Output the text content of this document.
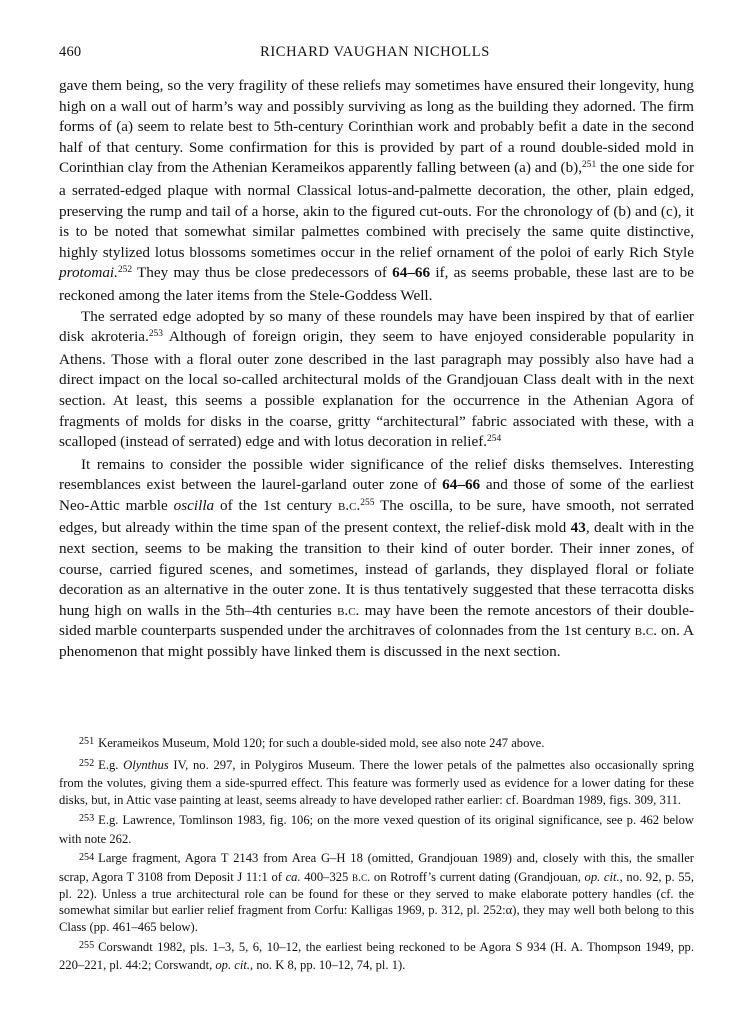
460	RICHARD VAUGHAN NICHOLLS

gave them being, so the very fragility of these reliefs may sometimes have ensured their longevity, hung high on a wall out of harm’s way and possibly surviving as long as the building they adorned. The firm forms of (a) seem to relate best to 5th-century Corinthian work and probably befit a date in the second half of that century. Some confirmation for this is provided by part of a round double-sided mold in Corinthian clay from the Athenian Kerameikos apparently falling between (a) and (b),$^{251}$ the one side for a serrated-edged plaque with normal Classical lotus-and-palmette decoration, the other, plain edged, preserving the rump and tail of a horse, akin to the figured cut-outs. For the chronology of (b) and (c), it is to be noted that somewhat similar palmettes combined with precisely the same quite distinctive, highly stylized lotus blossoms sometimes occur in the relief ornament of the poloi of early Rich Style protomai.$^{252}$ They may thus be close predecessors of 64–66 if, as seems probable, these last are to be reckoned among the later items from the Stele-Goddess Well.

The serrated edge adopted by so many of these roundels may have been inspired by that of earlier disk akroteria.$^{253}$ Although of foreign origin, they seem to have enjoyed considerable popularity in Athens. Those with a floral outer zone described in the last paragraph may possibly also have had a direct impact on the local so-called architectural molds of the Grandjouan Class dealt with in the next section. At least, this seems a possible explanation for the occurrence in the Athenian Agora of fragments of molds for disks in the coarse, gritty “architectural” fabric associated with these, with a scalloped (instead of serrated) edge and with lotus decoration in relief.$^{254}$

It remains to consider the possible wider significance of the relief disks themselves. Interesting resemblances exist between the laurel-garland outer zone of 64–66 and those of some of the earliest Neo-Attic marble oscilla of the 1st century b.c.$^{255}$ The oscilla, to be sure, have smooth, not serrated edges, but already within the time span of the present context, the relief-disk mold 43, dealt with in the next section, seems to be making the transition to their kind of outer border. Their inner zones, of course, carried figured scenes, and sometimes, instead of garlands, they displayed floral or foliate decoration as an alternative in the outer zone. It is thus tentatively suggested that these terracotta disks hung high on walls in the 5th–4th centuries b.c. may have been the remote ancestors of their double-sided marble counterparts suspended under the architraves of colonnades from the 1st century b.c. on. A phenomenon that might possibly have linked them is discussed in the next section.

$^{251}$ Kerameikos Museum, Mold 120; for such a double-sided mold, see also note 247 above.

$^{252}$ E.g. Olynthus IV, no. 297, in Polygiros Museum. There the lower petals of the palmettes also occasionally spring from the volutes, giving them a side-spurred effect. This feature was formerly used as evidence for a lower dating for these disks, but, in Attic vase painting at least, seems already to have developed rather earlier: cf. Boardman 1989, figs. 309, 311.

$^{253}$ E.g. Lawrence, Tomlinson 1983, fig. 106; on the more vexed question of its original significance, see p. 462 below with note 262.

$^{254}$ Large fragment, Agora T 2143 from Area G–H 18 (omitted, Grandjouan 1989) and, closely with this, the smaller scrap, Agora T 3108 from Deposit J 11:1 of ca. 400–325 b.c. on Rotroff’s current dating (Grandjouan, op. cit., no. 92, p. 55, pl. 22). Unless a true architectural role can be found for these or they served to make elaborate pottery handles (cf. the somewhat similar but earlier relief fragment from Corfu: Kalligas 1969, p. 312, pl. 252:α), they may well both belong to this Class (pp. 461–465 below).

$^{255}$ Corswandt 1982, pls. 1–3, 5, 6, 10–12, the earliest being reckoned to be Agora S 934 (H. A. Thompson 1949, pp. 220–221, pl. 44:2; Corswandt, op. cit., no. K 8, pp. 10–12, 74, pl. 1).
